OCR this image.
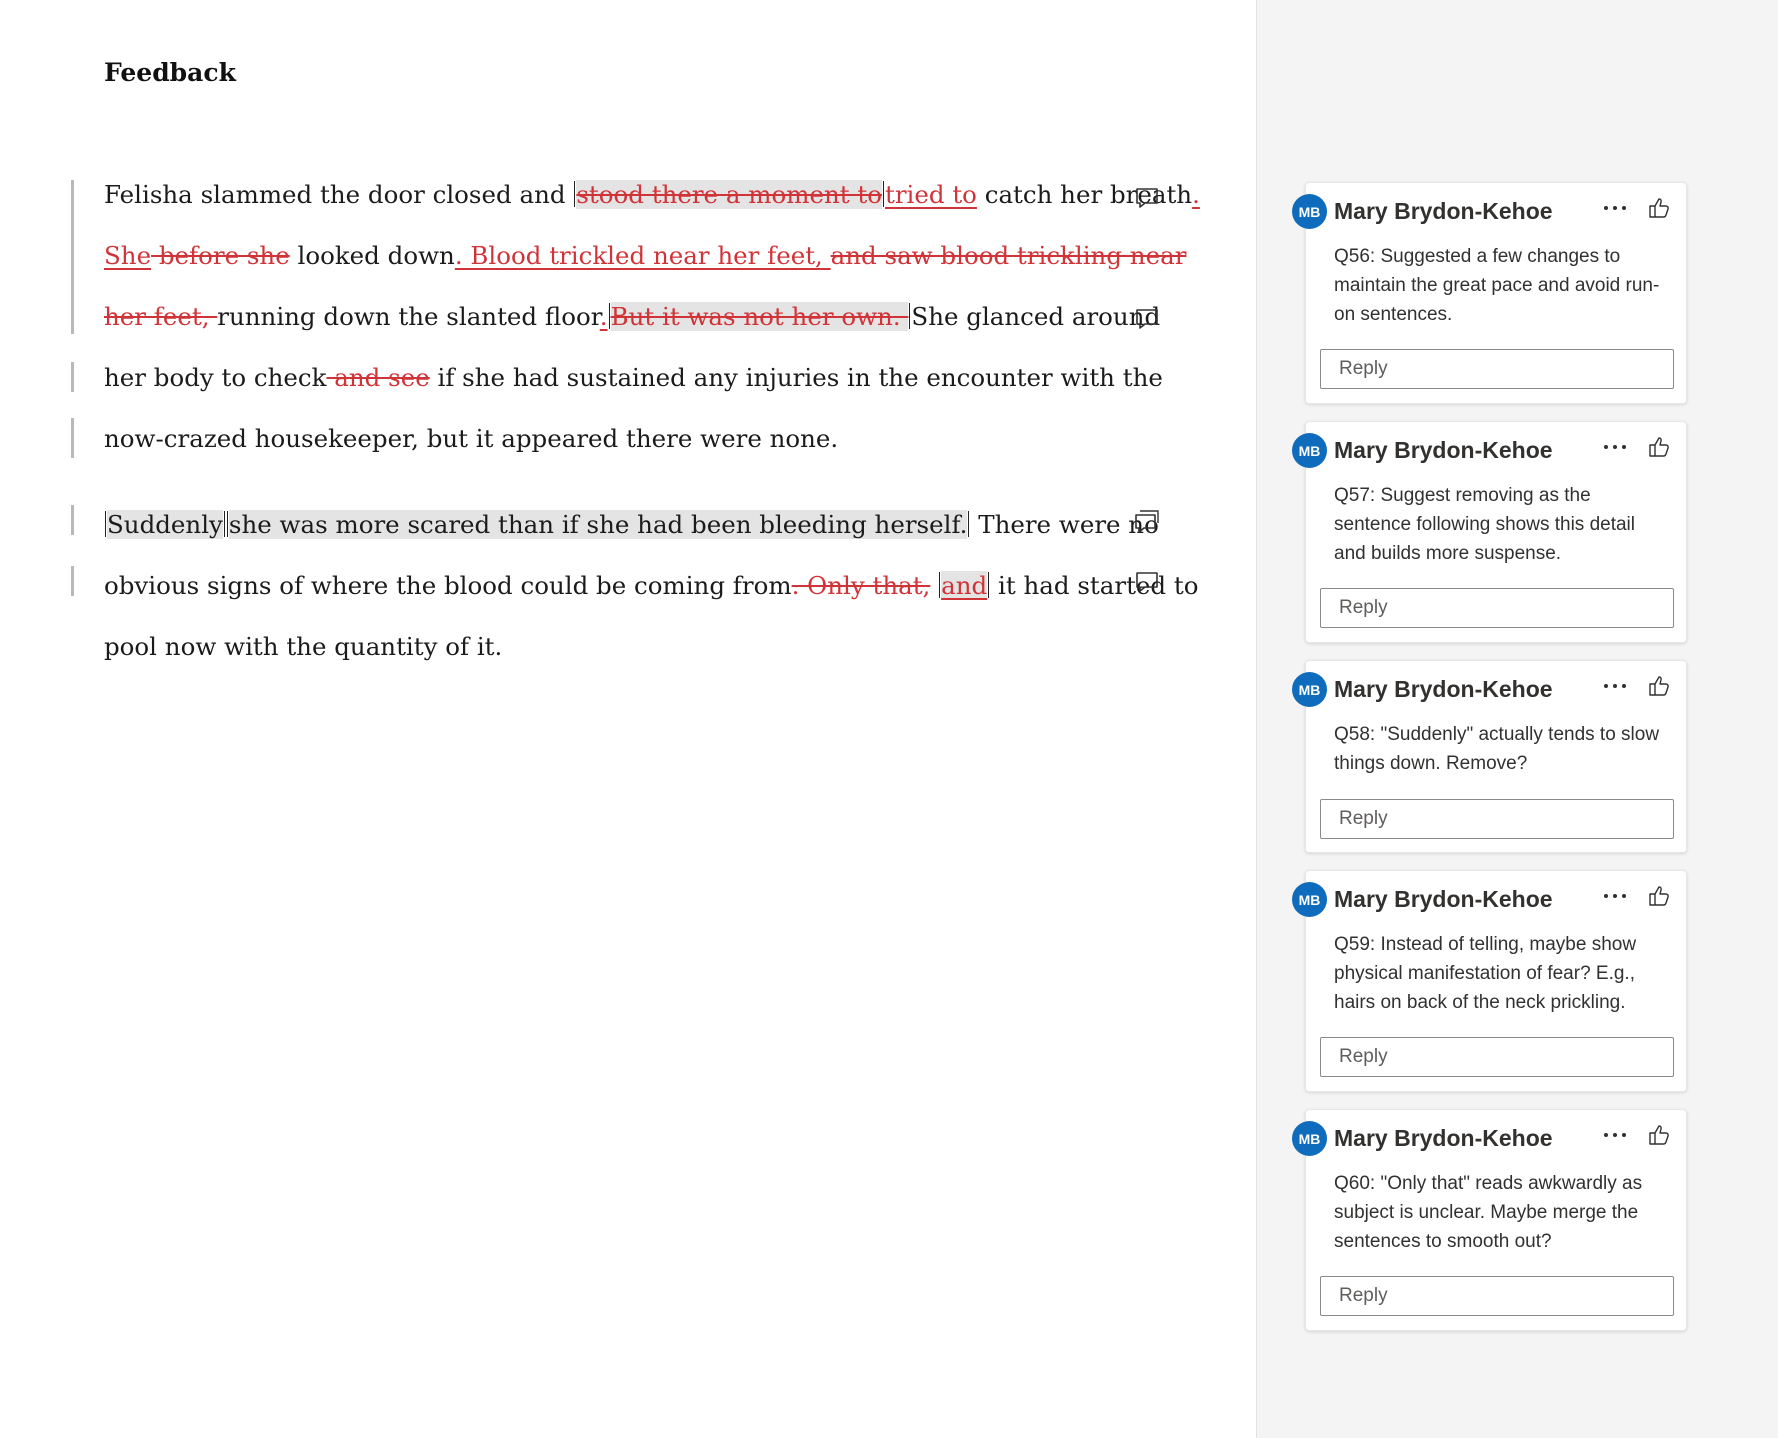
Feedback
Felisha slammed the door closed and stood there a moment to tried to catch her breath.
She before she looked down. Blood trickled near her feet, and saw blood trickling near
her feet, running down the slanted floor. But it was not her own. She glanced around
her body to check and see if she had sustained any injuries in the encounter with the
now-crazed housekeeper, but it appeared there were none.
Suddenly she was more scared than if she had been bleeding herself. There were no
obvious signs of where the blood could be coming from. Only that, and it had started to
pool now with the quantity of it.
MB Mary Brydon-Kehoe
Q56: Suggested a few changes to maintain the great pace and avoid run-on sentences.
Reply
MB Mary Brydon-Kehoe
Q57: Suggest removing as the sentence following shows this detail and builds more suspense.
Reply
MB Mary Brydon-Kehoe
Q58: "Suddenly" actually tends to slow things down. Remove?
Reply
MB Mary Brydon-Kehoe
Q59: Instead of telling, maybe show physical manifestation of fear? E.g., hairs on back of the neck prickling.
Reply
MB Mary Brydon-Kehoe
Q60: "Only that" reads awkwardly as subject is unclear. Maybe merge the sentences to smooth out?
Reply
